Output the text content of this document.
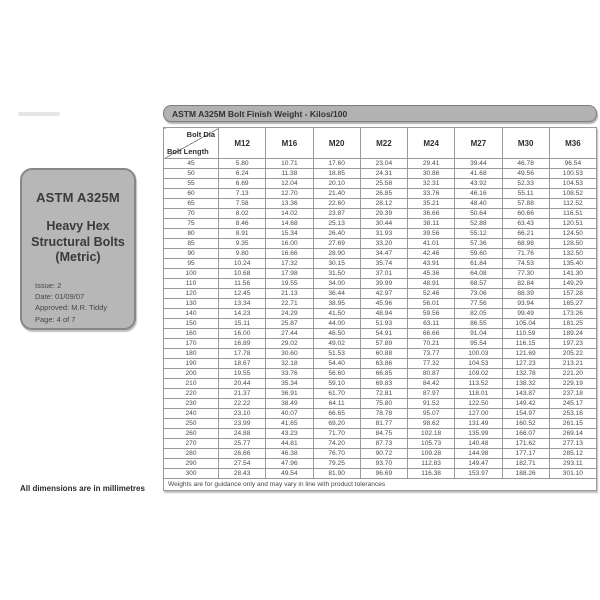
ASTM A325M
Heavy Hex
Structural Bolts
(Metric)
Issue: 2
Date: 01/09/07
Approved: M.R. Tiddy
Page: 4 of 7
All dimensions are in millimetres
ASTM A325M Bolt Finish Weight - Kilos/100
Bolt Dia
Bolt Length	M12	M16	M20	M22	M24	M27	M30	M36
45	5.80	10.71	17.60	23.04	29.41	39.44	46.78	96.54
50	6.24	11.38	18.85	24.31	30.86	41.68	49.56	100.53
55	6.69	12.04	20.10	25.58	32.31	43.92	52.33	104.53
60	7.13	12.70	21.40	26.85	33.76	46.16	55.11	108.52
65	7.58	13.36	22.60	28.12	35.21	48.40	57.88	112.52
70	8.02	14.02	23.87	29.39	36.66	50.64	60.66	116.51
75	8.46	14.68	25.13	30.44	38.11	52.88	63.43	120.51
80	8.91	15.34	26.40	31.93	39.56	55.12	66.21	124.50
85	9.35	16.00	27.69	33.20	41.01	57.36	68.98	128.50
90	9.80	16.66	28.90	34.47	42.46	59.60	71.76	132.50
95	10.24	17.32	30.15	35.74	43.91	61.84	74.53	135.40
100	10.68	17.98	31.50	37.01	45.36	64.08	77.30	141.30
110	11.56	19.55	34.00	39.99	48.91	68.57	82.84	149.29
120	12.45	21.13	36.44	42.97	52.46	73.06	88.39	157.28
130	13.34	22.71	38.95	45.96	56.01	77.56	93.94	165.27
140	14.23	24.29	41.50	48.94	59.56	82.05	99.49	173.26
150	15.11	25.87	44.00	51.93	63.11	86.55	105.04	181.25
160	16.00	27.44	46.50	54.91	66.66	91.04	110.59	189.24
170	16.89	29.02	49.02	57.89	70.21	95.54	116.15	197.23
180	17.78	30.60	51.53	60.88	73.77	100.03	121.69	205.22
190	18.67	32.18	54.40	63.86	77.32	104.53	127.23	213.21
200	19.55	33.76	56.60	66.85	80.87	109.02	132.78	221.20
210	20.44	35.34	59.10	69.83	84.42	113.52	138.32	229.19
220	21.37	36.91	61.70	72.81	87.97	118.01	143.87	237.18
230	22.22	38.49	64.11	75.80	91.52	122.50	149.42	245.17
240	23.10	40.07	66.65	78.78	95.07	127.00	154.97	253.16
250	23.99	41.65	69.20	81.77	98.62	131.49	160.52	261.15
260	24.88	43.23	71.70	84.75	102.18	135.99	166.07	269.14
270	25.77	44.81	74.20	87.73	105.73	140.48	171.62	277.13
280	26.66	46.38	76.70	90.72	109.28	144.98	177.17	285.12
290	27.54	47.96	79.25	93.70	112.83	149.47	182.71	293.11
300	28.43	49.54	81.90	96.69	116.38	153.97	188.26	301.10
Weights are for guidance only and may vary in line with product tolerances								
